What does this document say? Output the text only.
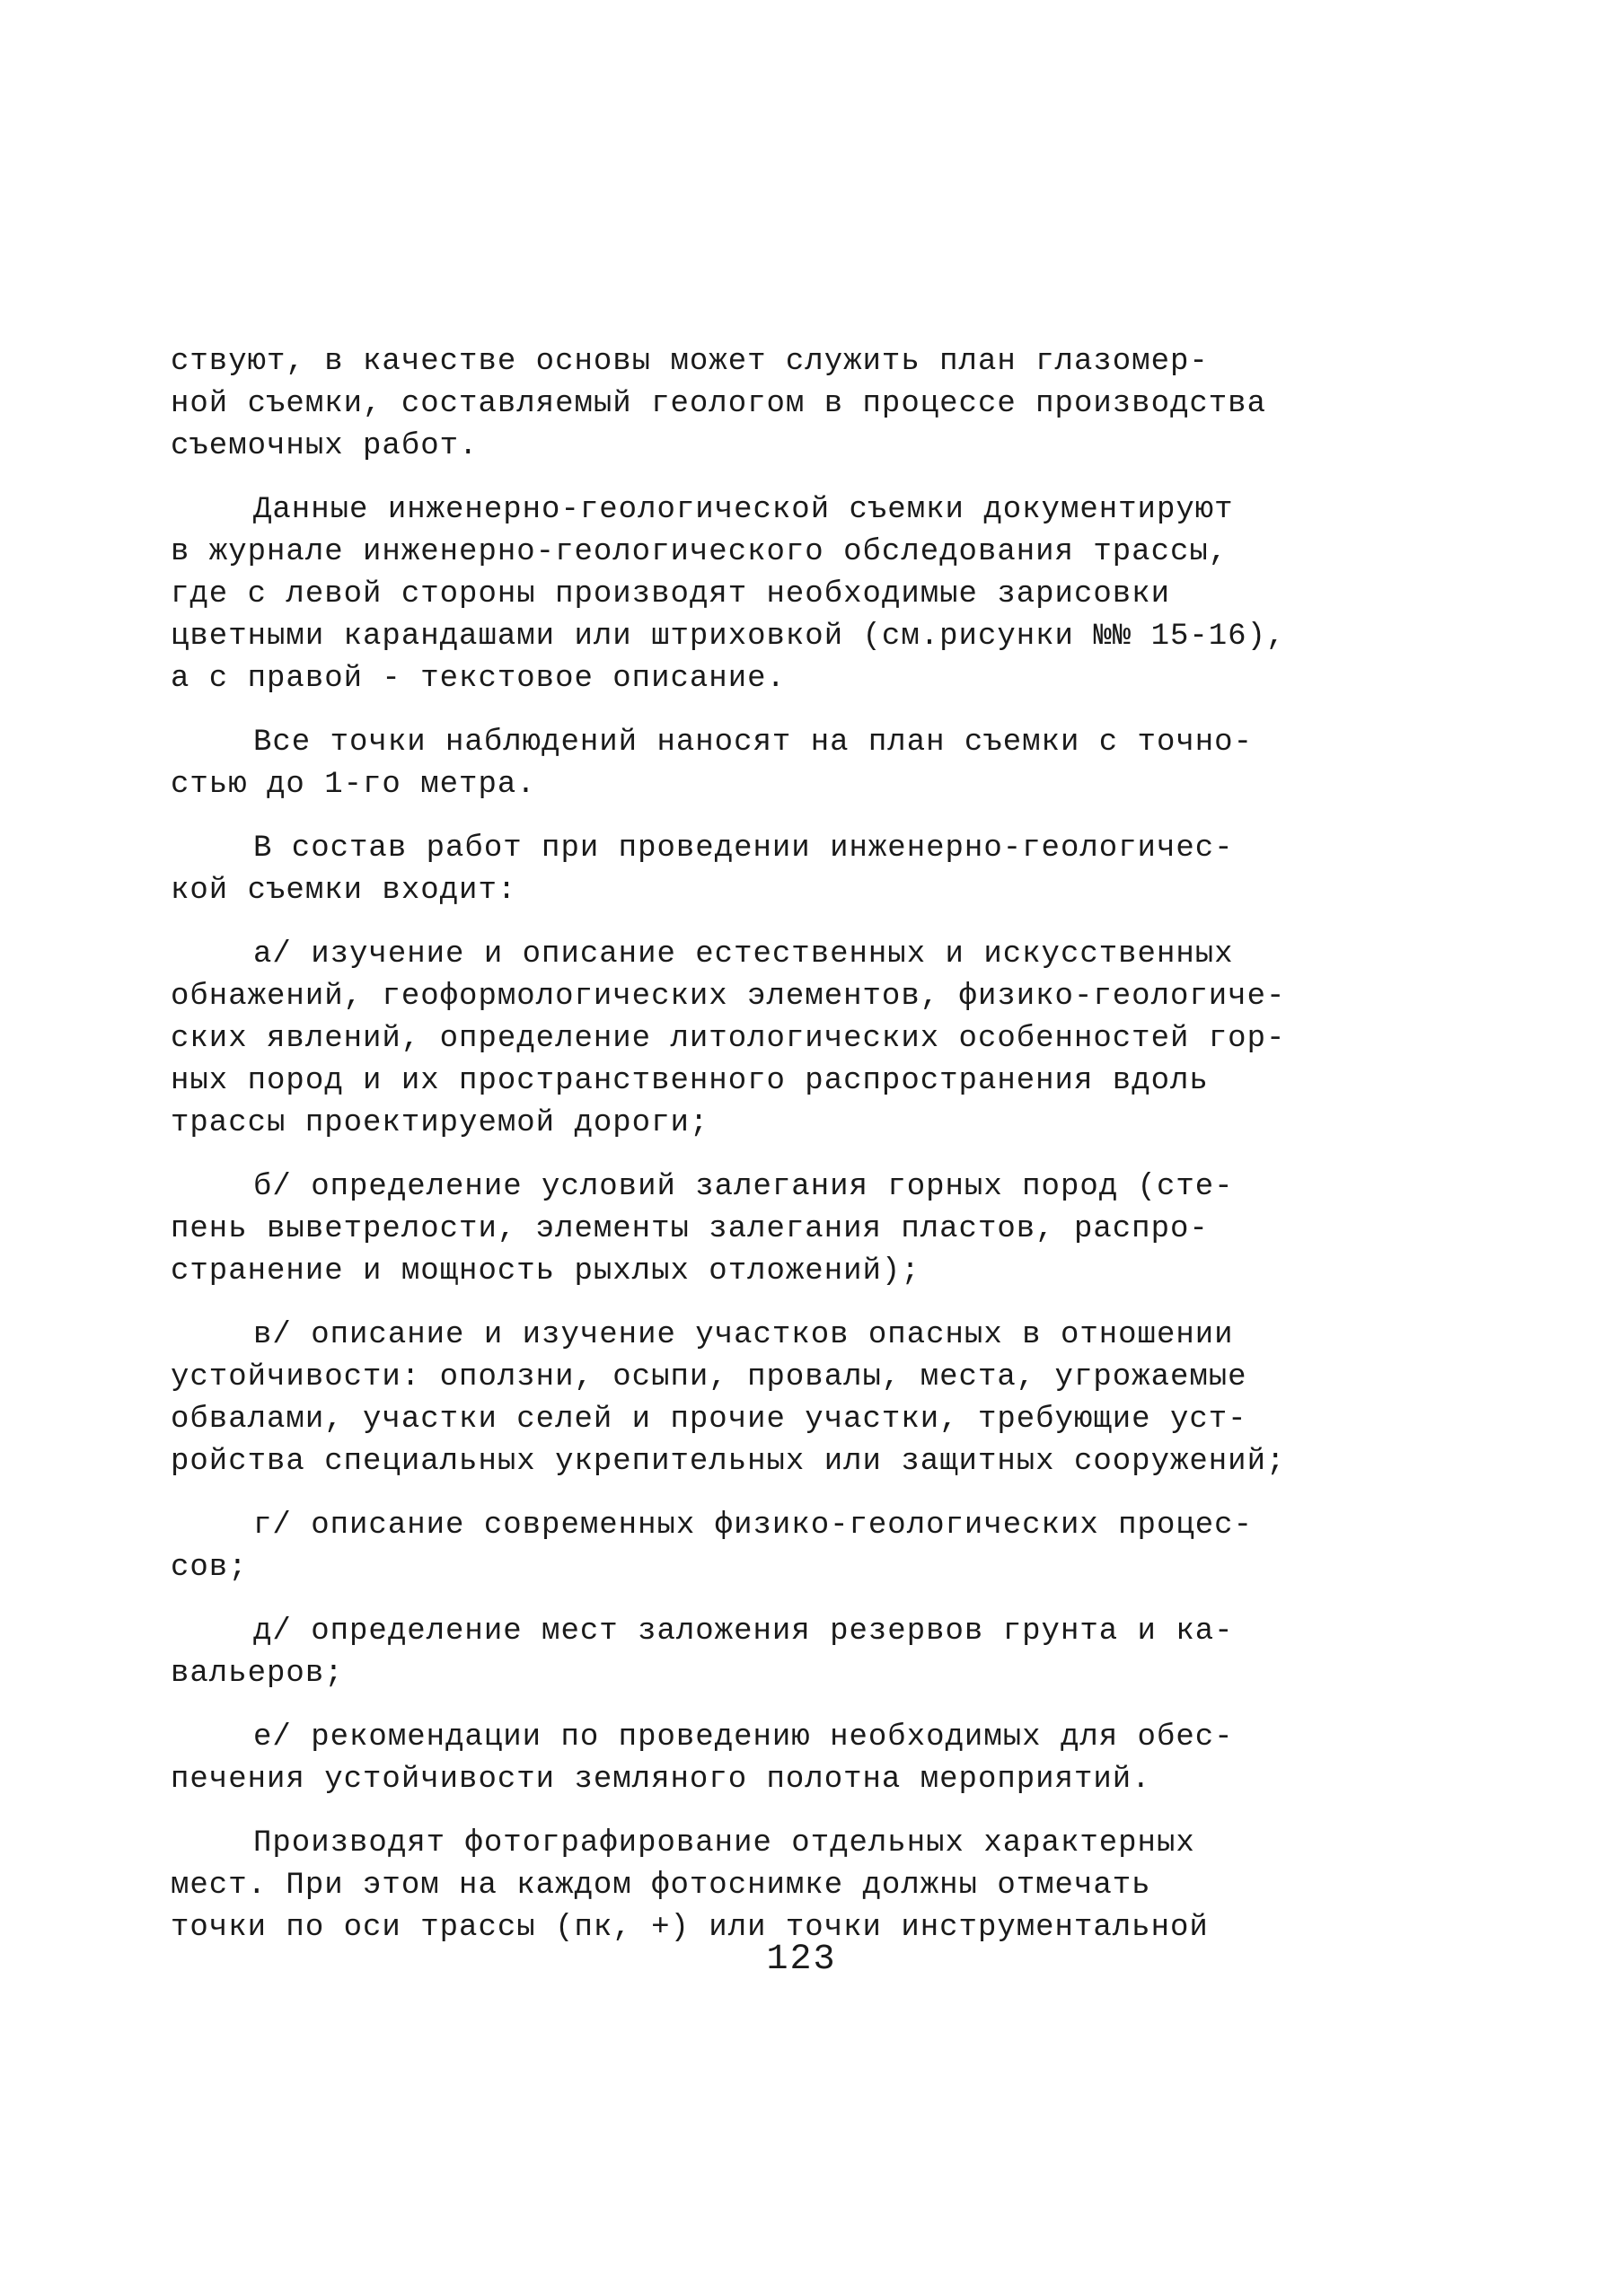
ствуют, в качестве основы может служить план глазомер-
ной съемки, составляемый геологом в процессе производства
съемочных работ.
Данные инженерно-геологической съемки документируют
в журнале инженерно-геологического обследования трассы,
где с левой стороны производят необходимые зарисовки
цветными карандашами или штриховкой (см.рисунки №№ 15-16),
а с правой - текстовое описание.
Все точки наблюдений наносят на план съемки с точно-
стью до 1-го метра.
В состав работ при проведении инженерно-геологичес-
кой съемки входит:
а/ изучение и описание естественных и искусственных
обнажений, геоформологических элементов, физико-геологиче-
ских явлений, определение литологических особенностей гор-
ных пород и их пространственного распространения вдоль
трассы проектируемой дороги;
б/ определение условий залегания горных пород (сте-
пень выветрелости, элементы залегания пластов, распро-
странение и мощность рыхлых отложений);
в/ описание и изучение участков опасных в отношении
устойчивости: оползни, осыпи, провалы, места, угрожаемые
обвалами, участки селей и прочие участки, требующие уст-
ройства специальных укрепительных или защитных сооружений;
г/ описание современных физико-геологических процес-
сов;
д/ определение мест заложения резервов грунта и ка-
вальеров;
е/ рекомендации по проведению необходимых для обес-
печения устойчивости земляного полотна мероприятий.
Производят фотографирование отдельных характерных
мест. При этом на каждом фотоснимке должны отмечать
точки по оси трассы (пк, +) или точки инструментальной
123
